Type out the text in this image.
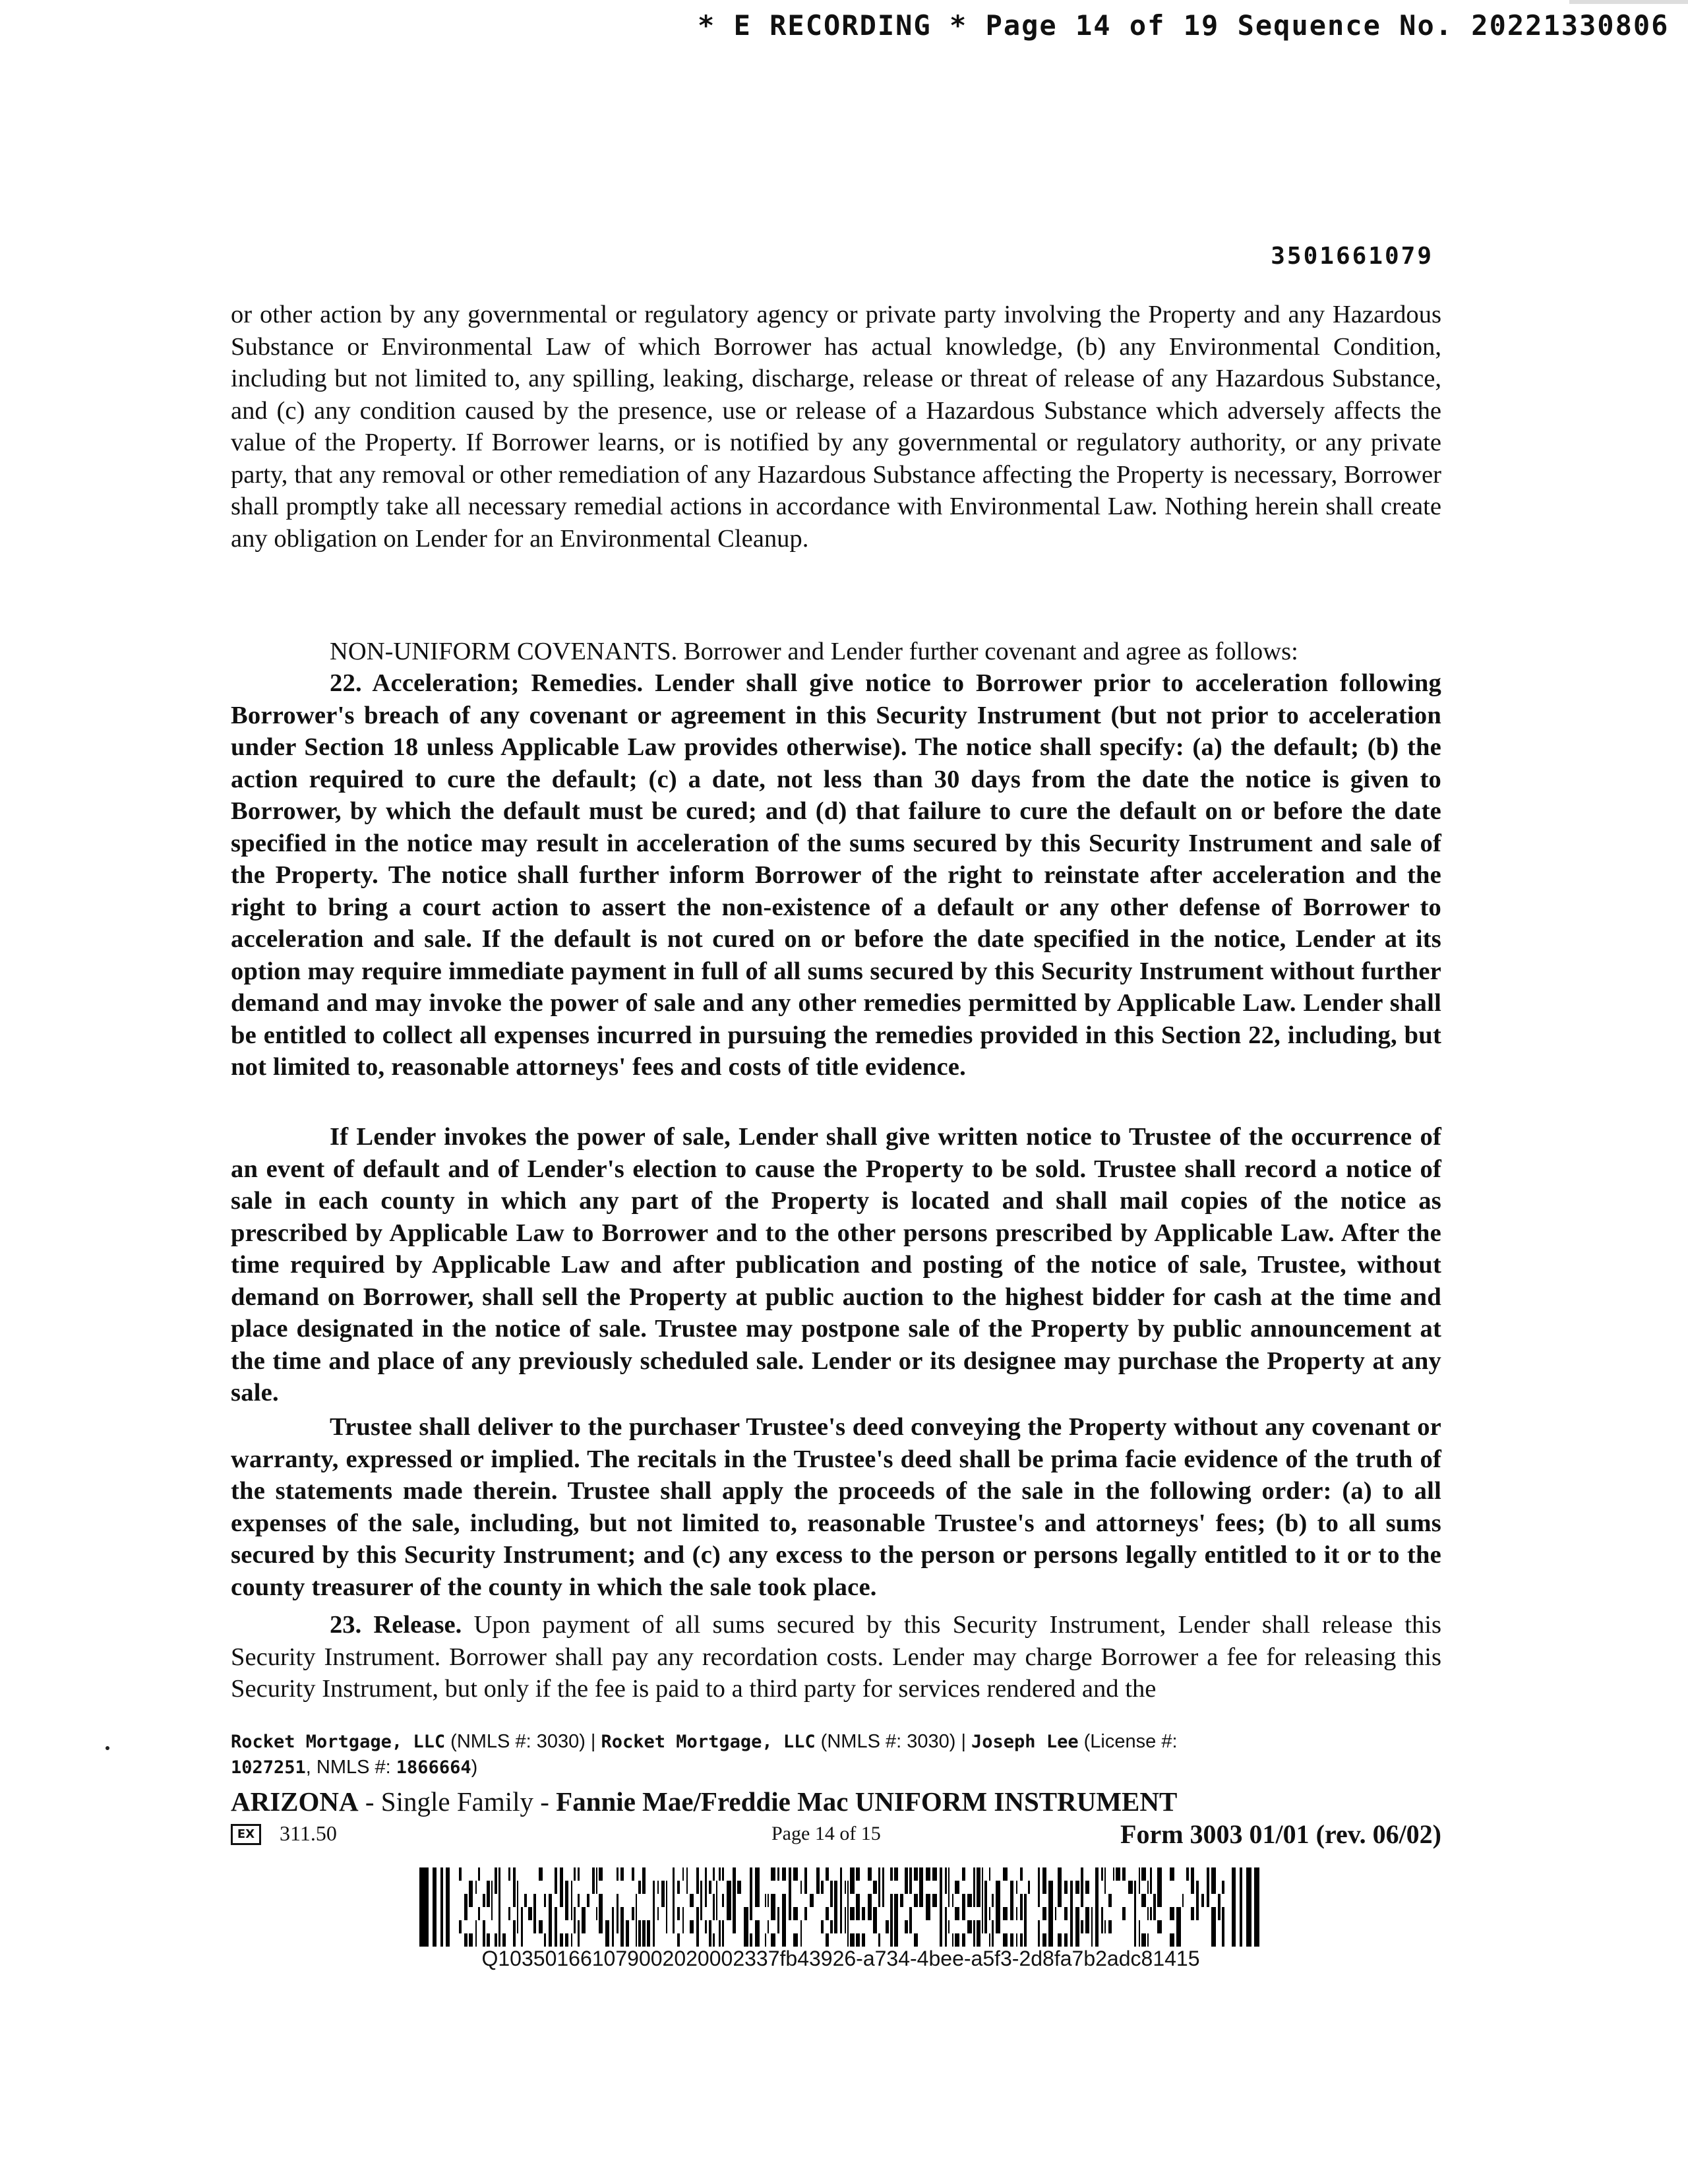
* E RECORDING * Page 14 of 19 Sequence No. 20221330806
3501661079

or other action by any governmental or regulatory agency or private party involving the Property and any Hazardous Substance or Environmental Law of which Borrower has actual knowledge, (b) any Environmental Condition, including but not limited to, any spilling, leaking, discharge, release or threat of release of any Hazardous Substance, and (c) any condition caused by the presence, use or release of a Hazardous Substance which adversely affects the value of the Property. If Borrower learns, or is notified by any governmental or regulatory authority, or any private party, that any removal or other remediation of any Hazardous Substance affecting the Property is necessary, Borrower shall promptly take all necessary remedial actions in accordance with Environmental Law. Nothing herein shall create any obligation on Lender for an Environmental Cleanup.

NON-UNIFORM COVENANTS. Borrower and Lender further covenant and agree as follows:

22. Acceleration; Remedies. Lender shall give notice to Borrower prior to acceleration following Borrower's breach of any covenant or agreement in this Security Instrument (but not prior to acceleration under Section 18 unless Applicable Law provides otherwise). The notice shall specify: (a) the default; (b) the action required to cure the default; (c) a date, not less than 30 days from the date the notice is given to Borrower, by which the default must be cured; and (d) that failure to cure the default on or before the date specified in the notice may result in acceleration of the sums secured by this Security Instrument and sale of the Property. The notice shall further inform Borrower of the right to reinstate after acceleration and the right to bring a court action to assert the non-existence of a default or any other defense of Borrower to acceleration and sale. If the default is not cured on or before the date specified in the notice, Lender at its option may require immediate payment in full of all sums secured by this Security Instrument without further demand and may invoke the power of sale and any other remedies permitted by Applicable Law. Lender shall be entitled to collect all expenses incurred in pursuing the remedies provided in this Section 22, including, but not limited to, reasonable attorneys' fees and costs of title evidence.

If Lender invokes the power of sale, Lender shall give written notice to Trustee of the occurrence of an event of default and of Lender's election to cause the Property to be sold. Trustee shall record a notice of sale in each county in which any part of the Property is located and shall mail copies of the notice as prescribed by Applicable Law to Borrower and to the other persons prescribed by Applicable Law. After the time required by Applicable Law and after publication and posting of the notice of sale, Trustee, without demand on Borrower, shall sell the Property at public auction to the highest bidder for cash at the time and place designated in the notice of sale. Trustee may postpone sale of the Property by public announcement at the time and place of any previously scheduled sale. Lender or its designee may purchase the Property at any sale.

Trustee shall deliver to the purchaser Trustee's deed conveying the Property without any covenant or warranty, expressed or implied. The recitals in the Trustee's deed shall be prima facie evidence of the truth of the statements made therein. Trustee shall apply the proceeds of the sale in the following order: (a) to all expenses of the sale, including, but not limited to, reasonable Trustee's and attorneys' fees; (b) to all sums secured by this Security Instrument; and (c) any excess to the person or persons legally entitled to it or to the county treasurer of the county in which the sale took place.

23. Release. Upon payment of all sums secured by this Security Instrument, Lender shall release this Security Instrument. Borrower shall pay any recordation costs. Lender may charge Borrower a fee for releasing this Security Instrument, but only if the fee is paid to a third party for services rendered and the

Rocket Mortgage, LLC (NMLS #: 3030) | Rocket Mortgage, LLC (NMLS #: 3030) | Joseph Lee (License #:
1027251, NMLS #: 1866664)
ARIZONA - Single Family - Fannie Mae/Freddie Mac UNIFORM INSTRUMENT
EX	311.50	Page 14 of 15	Form 3003 01/01 (rev. 06/02)
Q1035016610790020200023​37fb43926-a734-4bee-a5f3-2d8fa7b2adc81415
